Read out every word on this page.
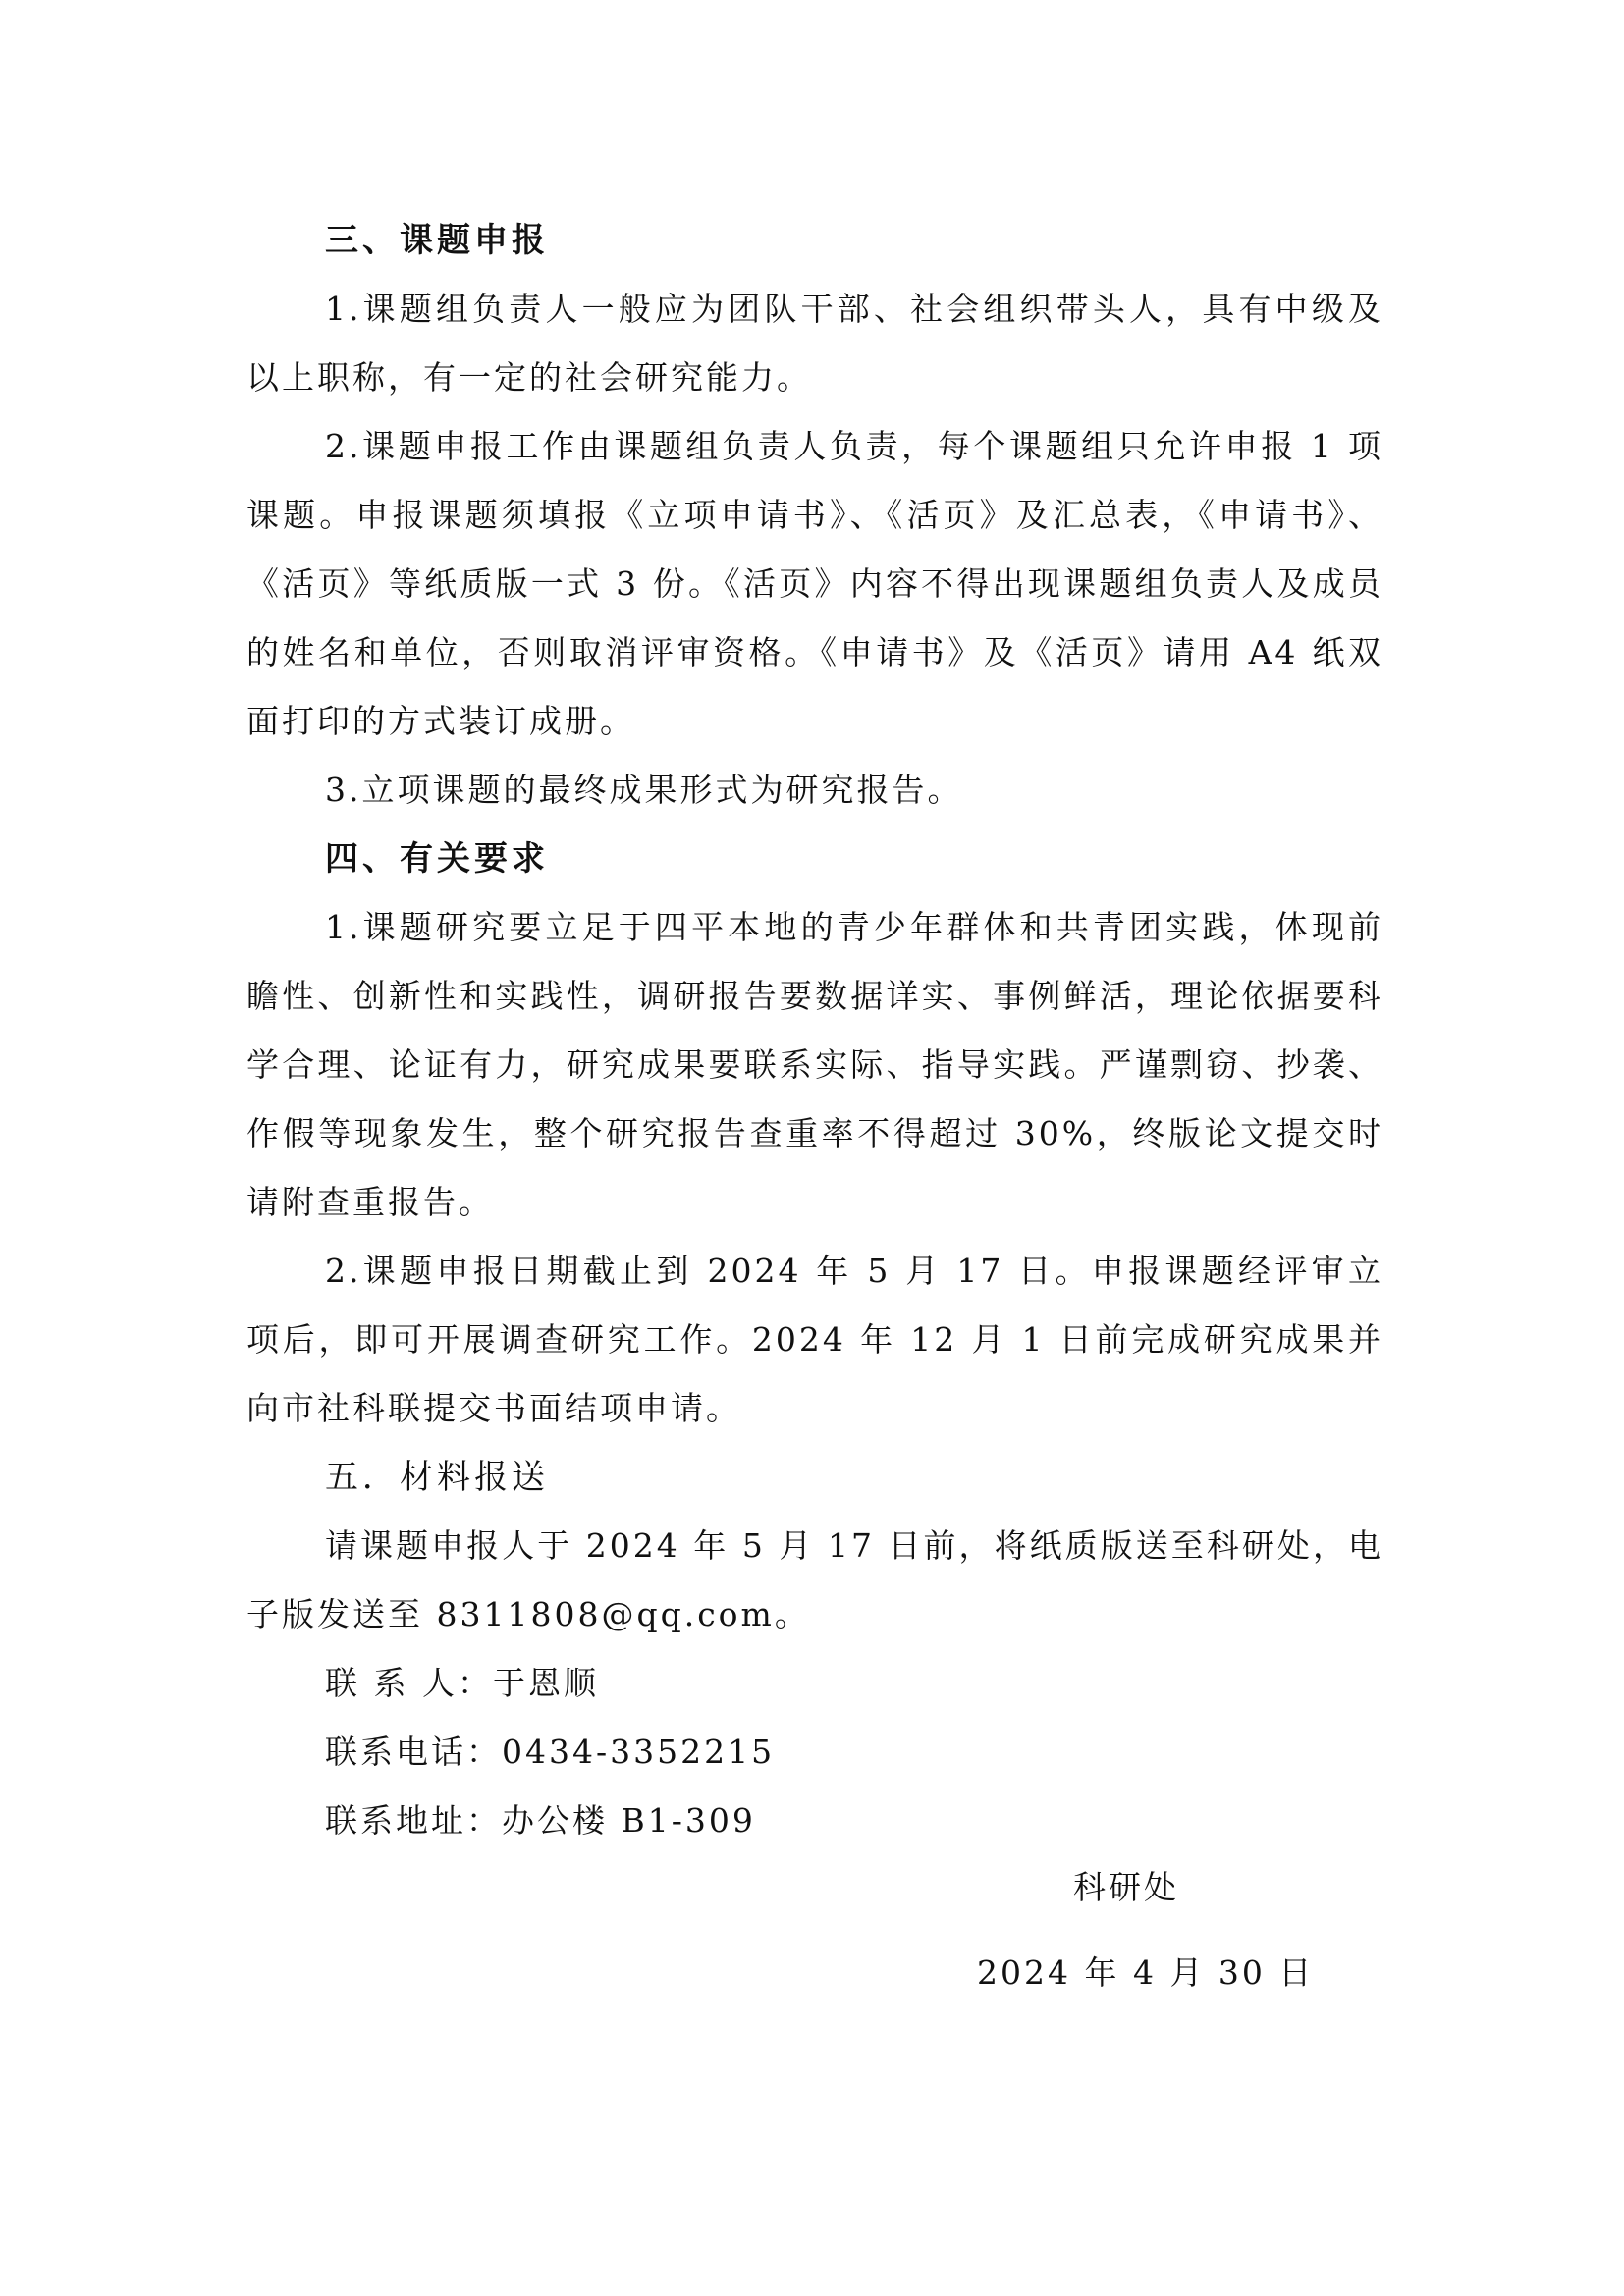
三、课题申报

1.课题组负责人一般应为团队干部、社会组织带头人，具有中级及以上职称，有一定的社会研究能力。

2.课题申报工作由课题组负责人负责，每个课题组只允许申报 1 项课题。申报课题须填报《立项申请书》、《活页》及汇总表，《申请书》、《活页》等纸质版一式 3 份。《活页》内容不得出现课题组负责人及成员的姓名和单位，否则取消评审资格。《申请书》及《活页》请用 A4 纸双面打印的方式装订成册。

3.立项课题的最终成果形式为研究报告。

四、有关要求

1.课题研究要立足于四平本地的青少年群体和共青团实践，体现前瞻性、创新性和实践性，调研报告要数据详实、事例鲜活，理论依据要科学合理、论证有力，研究成果要联系实际、指导实践。严谨剽窃、抄袭、作假等现象发生，整个研究报告查重率不得超过 30%，终版论文提交时请附查重报告。

2.课题申报日期截止到 2024 年 5 月 17 日。申报课题经评审立项后，即可开展调查研究工作。2024 年 12 月 1 日前完成研究成果并向市社科联提交书面结项申请。

五．材料报送

请课题申报人于 2024 年 5 月 17 日前，将纸质版送至科研处，电子版发送至 8311808@qq.com。

联 系 人：于恩顺
联系电话：0434-3352215
联系地址：办公楼 B1-309
科研处
2024 年 4 月 30 日
